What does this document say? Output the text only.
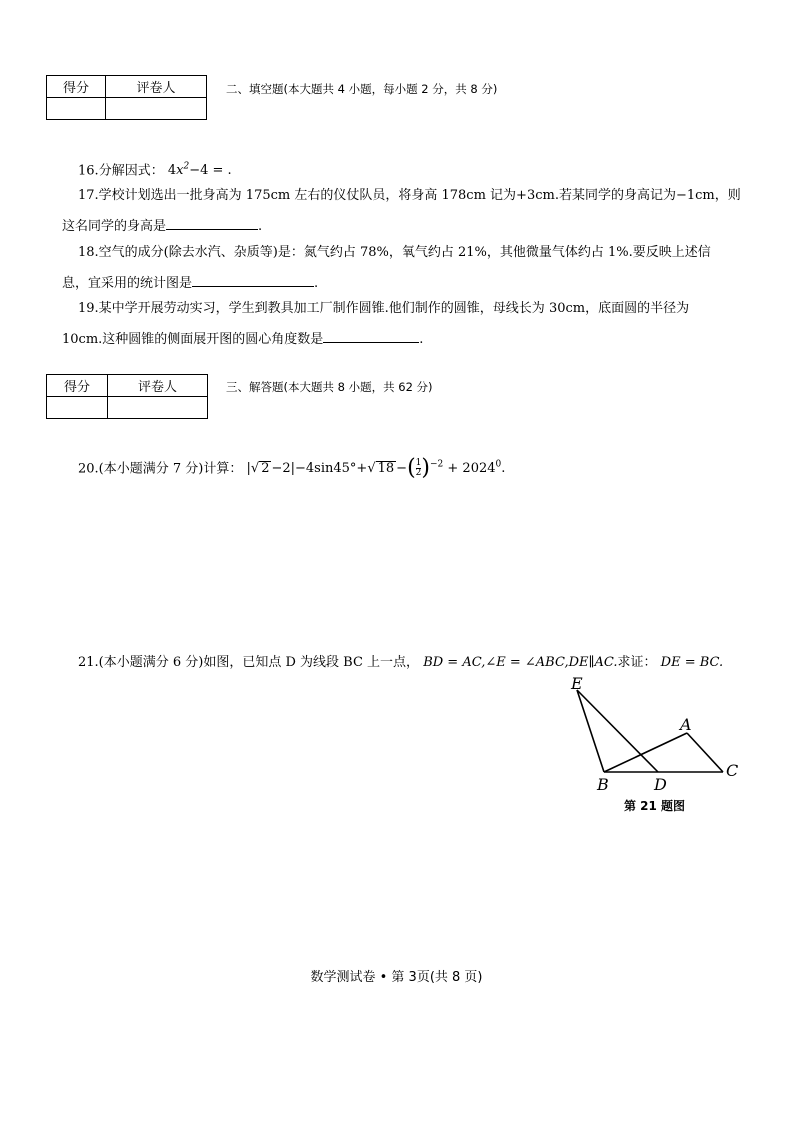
得分	评卷人
		二、填空题(本大题共 4 小题，每小题 2 分，共 8 分)
16.分解因式： $4x^2-4$ = .
17.学校计划选出一批身高为 175cm 左右的仪仗队员，将身高 178cm 记为+3cm.若某同学的身高记为−1cm，则
这名同学的身高是	.
18.空气的成分(除去水汽、杂质等)是：氮气约占 78%，氧气约占 21%，其他微量气体约占 1%.要反映上述信
息，宜采用的统计图是	.
19.某中学开展劳动实习，学生到教具加工厂制作圆锥.他们制作的圆锥，母线长为 30cm，底面圆的半径为
10cm.这种圆锥的侧面展开图的圆心角度数是	.
得分	评卷人
		三、解答题(本大题共 8 小题，共 62 分)
20.(本小题满分 7 分)计算： |√ 2 −2|−4sin45°+√ 18 −( $\frac{1}{2} )^{-2} + 2024^0$.
21.(本小题满分 6 分)如图，已知点 D 为线段 BC 上一点， BD = AC,∠E = ∠ABC,DE∥AC.求证： DE = BC.
E
A
B	D
C
第 21 题图
数学测试卷 • 第 3页(共 8 页)
